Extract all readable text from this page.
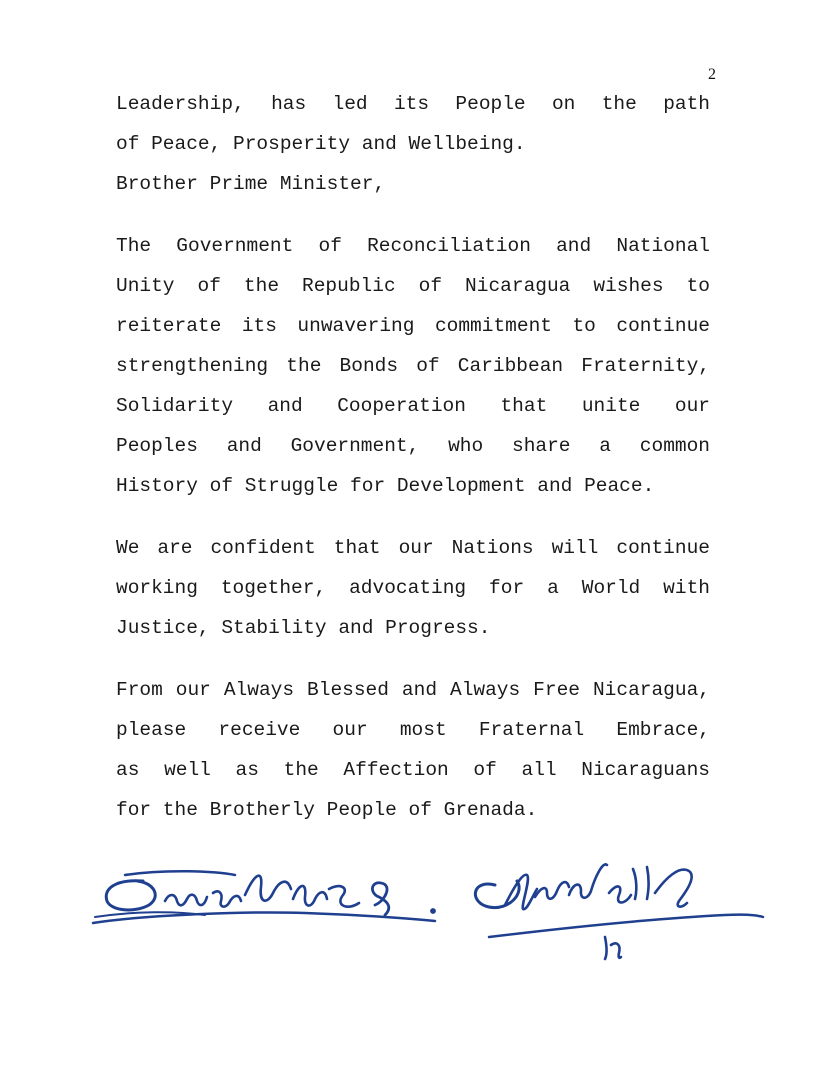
2

Leadership, has led its People on the path
of Peace, Prosperity and Wellbeing.
Brother Prime Minister,

The Government of Reconciliation and National
Unity of the Republic of Nicaragua wishes to
reiterate its unwavering commitment to continue
strengthening the Bonds of Caribbean Fraternity,
Solidarity and Cooperation that unite our
Peoples and Government, who share a common
History of Struggle for Development and Peace.

We are confident that our Nations will continue
working together, advocating for a World with
Justice, Stability and Progress.

From our Always Blessed and Always Free Nicaragua,
please receive our most Fraternal Embrace,
as well as the Affection of all Nicaraguans
for the Brotherly People of Grenada.
